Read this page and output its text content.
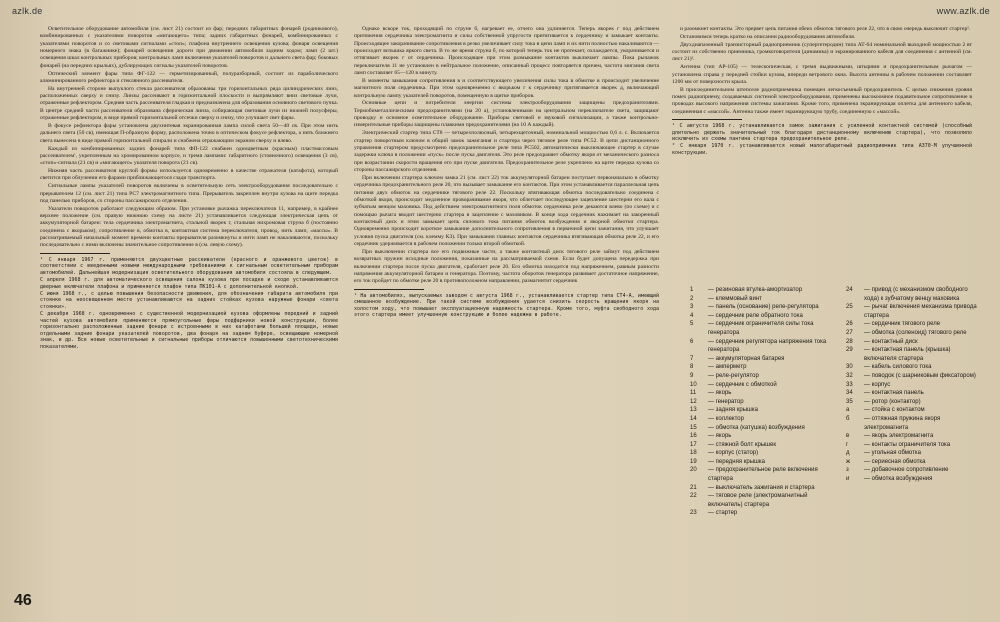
azlk.de	www.azlk.de

Осветительное оборудование автомобиля (см. лист 21) состоит из фар; передних габаритных фонарей (родникового), комбинированных с указателями поворотов «мигающего» типа; задних габаритных фонарей, комбинированных с указателями поворотов и со световыми сигналами «стоп»; плафона внутреннего освещения кузова; фонаря освещения номерного знака (в багажнике); фонарей освещения дороги при движении автомобиля задним ходом; ламп (2 шт.) освещения шкал контрольных приборов; контрольных ламп включения указателей поворотов и дальнего света фар; боковых фонарей (на передних крыльях), дублирующих сигналы указателей поворотов.

Оптический элемент фары типа ФГ-122 — герметизированный, полуразборный, состоит из параболического алюминированного рефлектора и стеклянного рассеивателя.

На внутренней стороне выпуклого стекла рассеивателя образованы три горизонтальных ряда цилиндрических линз, расположенных сверху и снизу. Линзы рассеивают в горизонтальной плоскости и выпрямляют вниз световые лучи, отраженные рефлектором. Средняя часть рассеивателя гладкая и предназначена для образования основного светового пучка. В центре средней части рассеивателя образована сферическая линза, собирающая световые лучи из нижней полусферы, отраженные рефлектором, в виде прямой горизонтальной отсечки сверху и снизу, что улучшает свет фары.

В фокусе рефлектора фары установлена двухнитевая экранированная лампа силой света 50—40 св. При этом нить дальнего света (50 св), имеющая П-образную форму, расположена точно в оптическом фокусе рефлектора, а нить ближнего света вынесена в виде прямой горизонтальной спирали и снабжена отражающим экраном сверху и влево.

Каждый из комбинированных задних фонарей типа ФП-122 снабжен одноцветным (красным) пластмассовым рассеивателем', укрепленным на хромированном корпусе, и тремя лампами: габаритного (стояночного) освещения (3 св), «стоп»-сигнала (21 св) и «мигающего» указателя поворота (21 св).

Нижняя часть рассеивателя круглой формы используется одновременно в качестве отражателя (катафота), который светится при облучении его фарами приближающегося сзади транспорта.

Сигнальные лампы указателей поворотов включены в осветительную сеть электрооборудования последовательно с прерывателем 12 (см. лист 21) типа РС7 электромагнитного типа. Прерыватель закреплен внутри кузова на щите передка под панелью приборов, со стороны пассажирского отделения.

Указатели поворотов работают следующим образом. При установке рычажка переключателя 11, например, в крайнее верхнее положение (см. правую нижнюю схему на листе 21) устанавливается следующая электрическая цепь от аккумуляторной батареи: тела сердечника электромагнита, стальной якорек г, стальная нихромовая струна б (постоянно соединена с якорьком), сопротивление в, обмотка в, контактная система переключателя, провод, нить ламп, «массы». В рассматриваемый начальный момент времени контакты прерывателя разомкнуты и нити ламп не накаливаются, поскольку последовательно с ними включены значительное сопротивление в (см. левую схему).

¹ С января 1967 г. применяются двухцветные рассеиватели (красного и оранжевого цветов) в соответствии с введенными новыми международными требованиями к сигнальным осветительным приборам автомобилей. Дальнейшая модернизация осветительного оборудования автомобиля состояла в следующем.

С апреля 1968 г. для автоматического освещения салона кузова при посадке и сходе устанавливаются дверные включатели плафона и применяется плафон типа ПК101-А с дополнительной кнопкой.

С июня 1968 г., с целью повышения безопасности движения, для обозначения габарита автомобиля при стоянке на неосвещенном месте устанавливаются на задних стойках кузова наружные фонари «света стоянки».

С декабря 1968 г. одновременно с существенной модернизацией кузова оформлены передний и задний частей кузова автомобиля применяются прямоугольные фары подфарники новой конструкции, более горизонтально расположенные задние фонари с встроенными в них катафотами большей площади, новые отдельными задние фонари указателей поворотов, два фонаря на заднем буфере, освещающие номерной знак, и др. Все новые осветительные и сигнальные приборы отличаются повышенными светотехническими показателями.

Однако вскоре ток, проходящий по струне б, нагревает ее, отчего она удлиняется. Теперь якорек г под действием притяжения сердечника электромагнита и силы собственной упругости притягивается к сердечнику и замыкает контакты. Происходящее закорачивание сопротивления в резко увеличивает силу тока в цепи ламп и их нити полностью накаливаются — происходит вспышка яркого света. В то же время струна б, по которой теперь ток не протекает, охлаждается, укорачивается и оттягивает якорек г от сердечника. Происходящее при этом размыкание контактов выключает лампы. Пока рычажок переключателя 11 не установлен в нейтральное положение, описанный процесс повторяется причем, частота мигания света ламп составляет 65—120 в минуту.

В моменты замыкания сопротивления в и соответствующего увеличения силы тока в обмотке в происходит увеличение магнитного поля сердечника. При этом одновременно с якорьком г к сердечнику притягивается якорек д, включающий контрольную лампу указателей поворотов, помещенную в щитке приборов.

Основные цепи и потребители энергии системы электрооборудования защищены предохранителями. Термобиметаллическими предохранителями (на 20 а), установленными на центральном переключателе света, защищают проводку и основное осветительное оборудование. Приборы световой и звуковой сигнализации, а также контрольно-измерительные приборы защищены плавкими предохранителями (на 10 А каждый).

Электрический стартер типа СТ8 — четырехполюсный, четырехщеточный, номинальной мощностью 0,6 л. с. Включается стартер поворотным ключом в общий замок зажигания и стартера через тяговое реле типа РС52. В цепи дистанционного управления стартером предусмотрено предохранительное реле типа РС502, автоматически выключающее стартер в случае задержки ключа в положении «пуск» после пуска двигателя. Это реле предохраняет обмотку якоря от механического разноса при возрастании скорости вращения его при пуске двигателя. Предохранительное реле укреплено на щите передка кузова со стороны пассажирского отделения.

При включении стартера ключом замка 21 (см. лист 22) ток аккумуляторной батареи поступает первоначально в обмотку сердечника предохранительного реле 20, что вызывает замыкание его контактов. При этом устанавливается параллельная цепь питания двух обмоток на сердечнике тягового реле 22. Поскольку втягивающая обмотка последовательно соединена с обмоткой якоря, происходит медленное проворачивание якоря, что облегчает последующее зацепление шестерни его вала с зубчатым венцом маховика. Под действием электромагнитного поля обмоток сердечника реле декаются влево (по схеме) и с помощью рычага вводит шестерню стартера в зацепление с маховиком. В конце хода сердечник нажимает на закоренный контактный диск и этим замыкает цепь силового тока питания обмоток возбуждения и якорной обмотки стартера. Одновременно происходит короткое замыкание дополнительного сопротивления в первичной цепи зажигания, что улучшает условия пуска двигателя (см. клемму КЗ). При замыкании главных контактов сердечника втягивающая обмотка реле 22, и его сердечник удерживается в рабочем положении только второй обмоткой.

При выключении стартера все его подвижные части, а также контактный диск тягового реле займут под действием возвратных пружин исходные положения, показанные на рассматриваемой схеме. Если будет допущена передержка при включении стартера после пуска двигателя, сработает реле 20. Его обмотка находится под напряжением, равным разности напряжения аккумуляторной батареи и генератора. Поэтому, частота оборотов генератора развивает достаточное напряжение, его ток пройдет по обмотке реле 20 в противоположном направлении, размагнитит сердечник

¹ На автомобилях, выпускаемых заводом с августа 1968 г., устанавливается стартер типа СТ4-А, имеющий смешанное возбуждение. При такой системе возбуждения удается снизить скорость вращения якоря на холостом ходу, что повышает эксплуатационную надежность стартера. Кроме того, муфта свободного хода этого стартера имеет улучшенную конструкцию и более надежна в работе.

и разомкнет контакты. Это прервет цепь питания обеих обмоток тягового реле 22, что в свою очередь выключит стартер¹.

Остановимся теперь кратко на описании радиооборудования автомобиля.

Двухдиапазонный транзисторный радиоприемник (супергетеродин) типа АТ-64 номинальной выходной мощностью 2 вт состоит из собственно приемника, громкоговорителя (динамика) и экранированного кабеля для соединения с антенной (см. лист 21)².

Антенна (тип АР-105) — телескопическая, с тремя выдвижными, штырями и предохранительным рычагом — установлена справа у передней стойки кузова, впереди ветрового окна. Высота антенны в рабочем положении составляет 1200 мм от поверхности крыла.

В присоединительном штепселе радиоприемника помещен легкосъемный предохранитель. С целью снижения уровня помех радиоприему, создаваемых системой электрооборудования, применены высокоомное подавительное сопротивление в проводах высокого напряжения системы зажигания. Кроме того, применена экранирующая оплетка для антенного кабеля, соединенная с «массой». Антенна также имеет экранирующую трубу, соединенную с «массой».

¹ С августа 1968 г. устанавливается замок зажигания с усиленной контактной системой (способный длительно держать значительный ток благодаря дистанционному включению стартера), что позволило исключить из схемы пантина стартера предохранительное реле.

² С января 1970 г. устанавливается новый малогабаритный радиоприемник типа А370-М улучшенной конструкции.

1	— резиновая втулка-амортизатор
2	— клеммовый винт
3	— панель (основание) реле-регулятора
4	— сердечник реле обратного тока
5	— сердечник ограничителя силы тока генератора
6	— сердечник регулятора напряжения тока генератора
7	— аккумуляторная батарея
8	— амперметр
9	— реле-регулятор
10	— сердечник с обмоткой
11	— якорь
12	— генератор
13	— задняя крышка
14	— коллектор
15	— обмотка (катушка) возбуждения
16	— якорь
17	— стяжной болт крышек
18	— корпус (статор)
19	— передняя крышка
20	— предохранительное реле включения стартера
21	— выключатель зажигания и стартера
22	— тяговое реле (электромагнитный включатель) стартера
23	— стартер
24	— привод (с механизмом свободного хода) к зубчатому венцу маховика
25	— рычаг включения механизма привода стартера
26	— сердечник тягового реле
27	— обмотка (соленоид) тягового реле
28	— контактный диск
29	— контактная панель (крышка) включателя стартера
30	— кабель силового тока
32	— поводок (с шарниковым фиксатором)
33	— корпус
34	— контактная панель
35	— ротор (контактор)
а	— стойка с контактом
б	— оттяжная пружина якоря электромагнита
в	— якорь электромагнита
г	— контакты ограничителя тока
д	— угольная обмотка
ж	— сериесная обмотка
з	— добавочное сопротивление
и	— обмотка возбуждения
46
